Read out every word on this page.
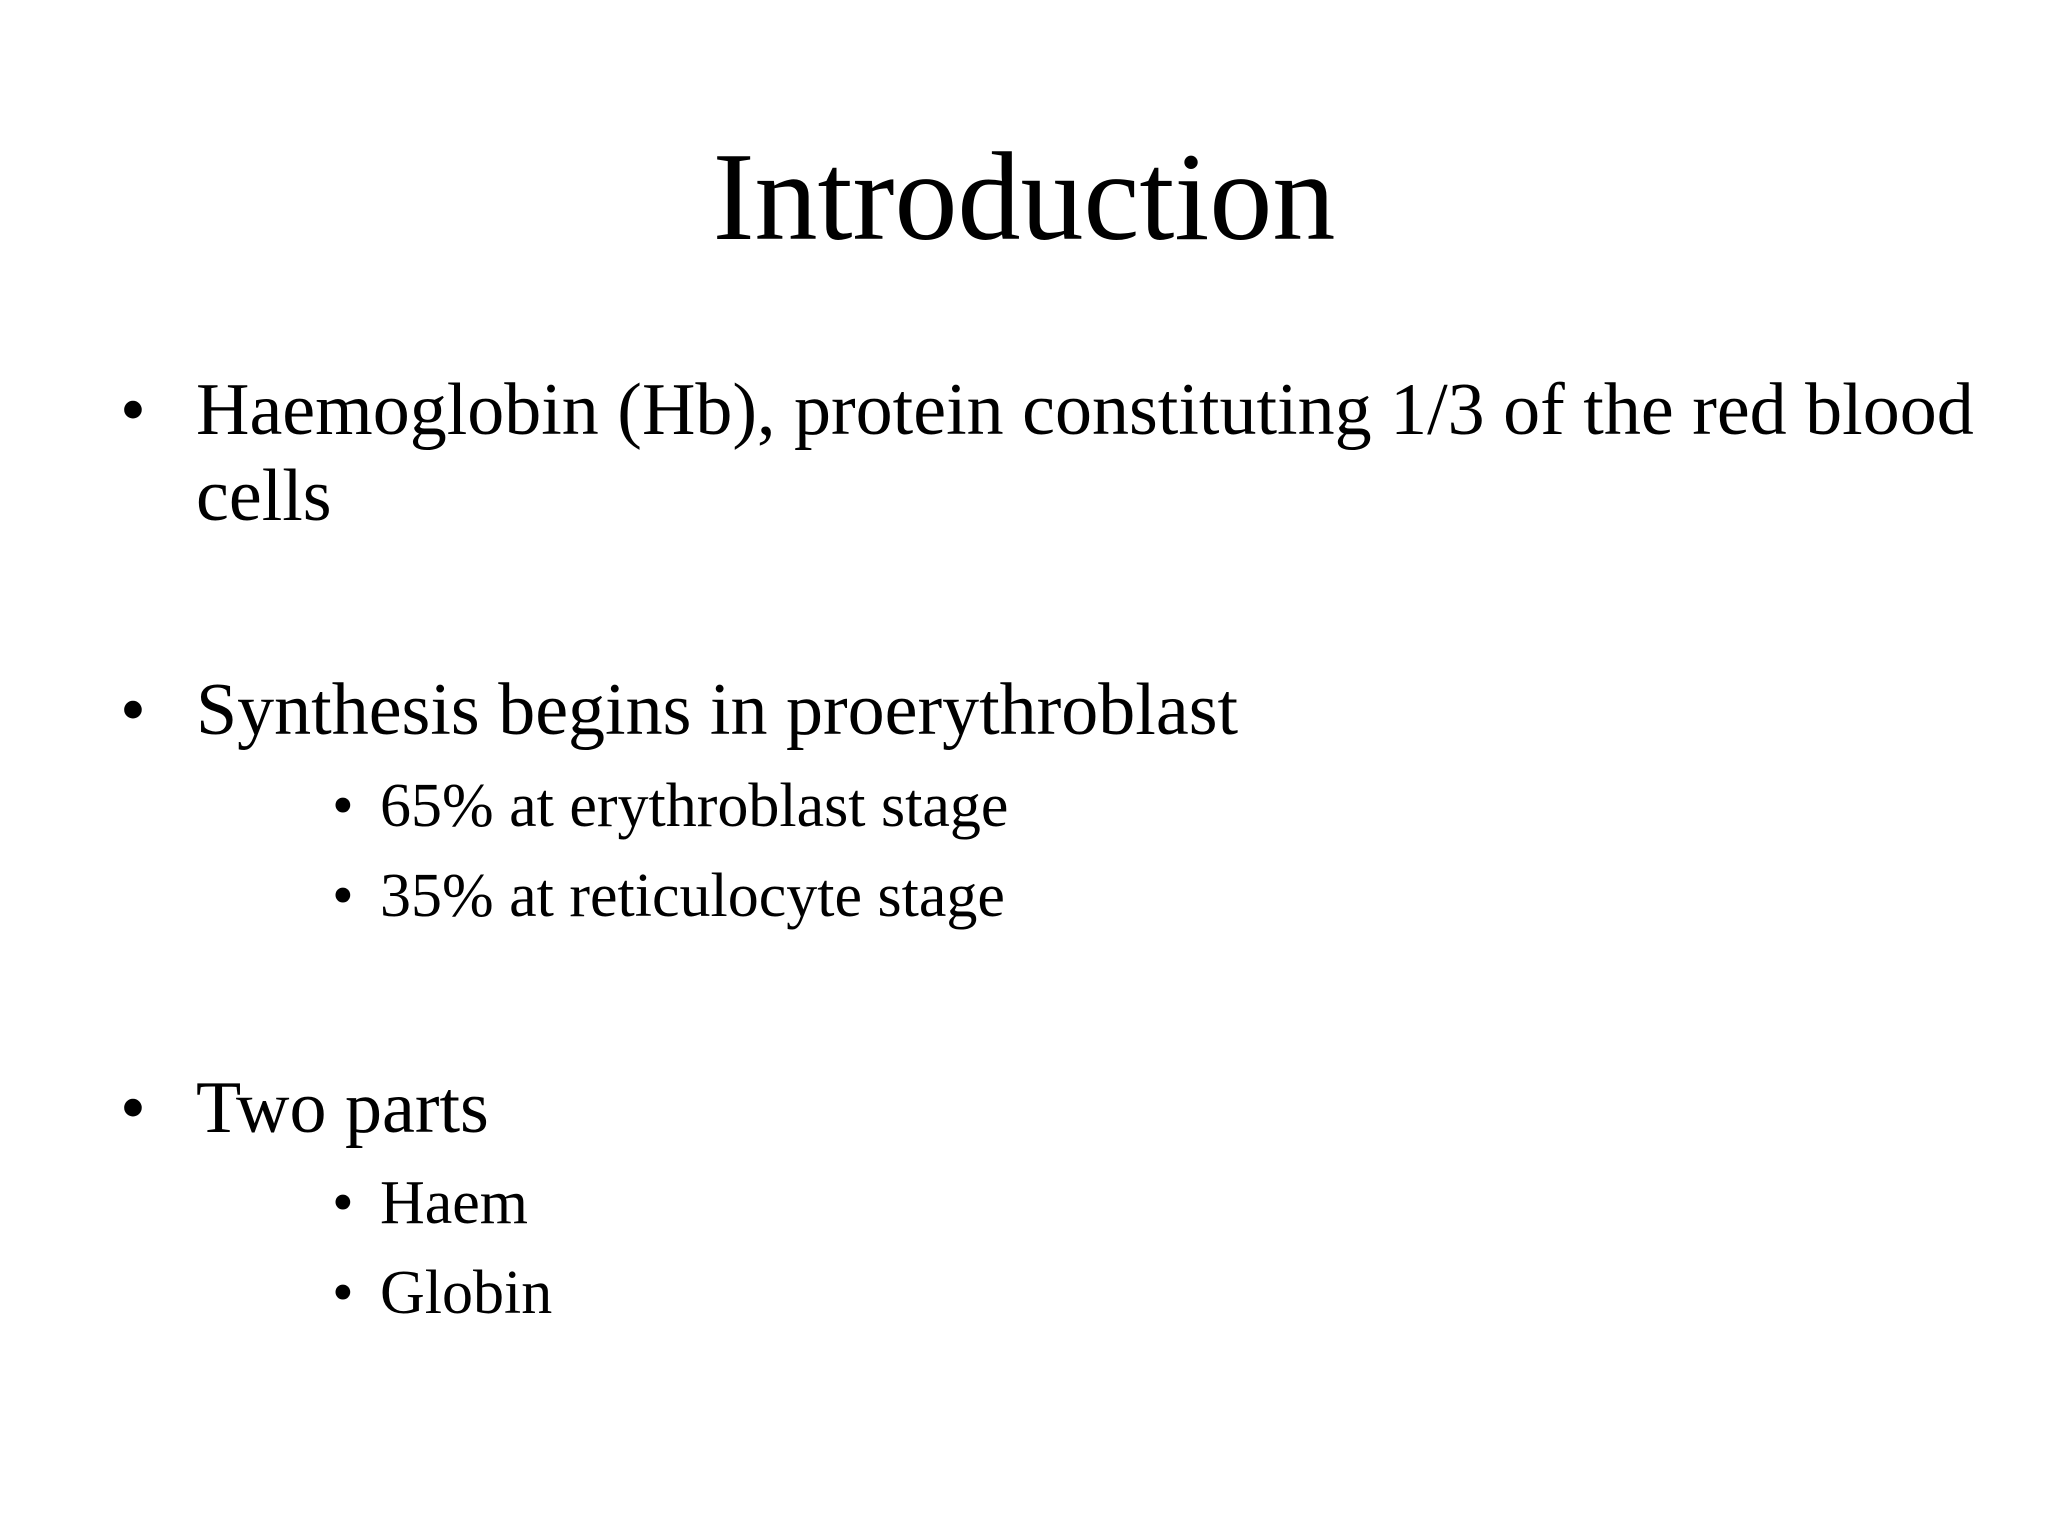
Introduction
• Haemoglobin (Hb), protein constituting 1/3 of the red blood cells
• Synthesis begins in proerythroblast
• 65% at erythroblast stage
• 35% at reticulocyte stage
• Two parts
• Haem
• Globin
